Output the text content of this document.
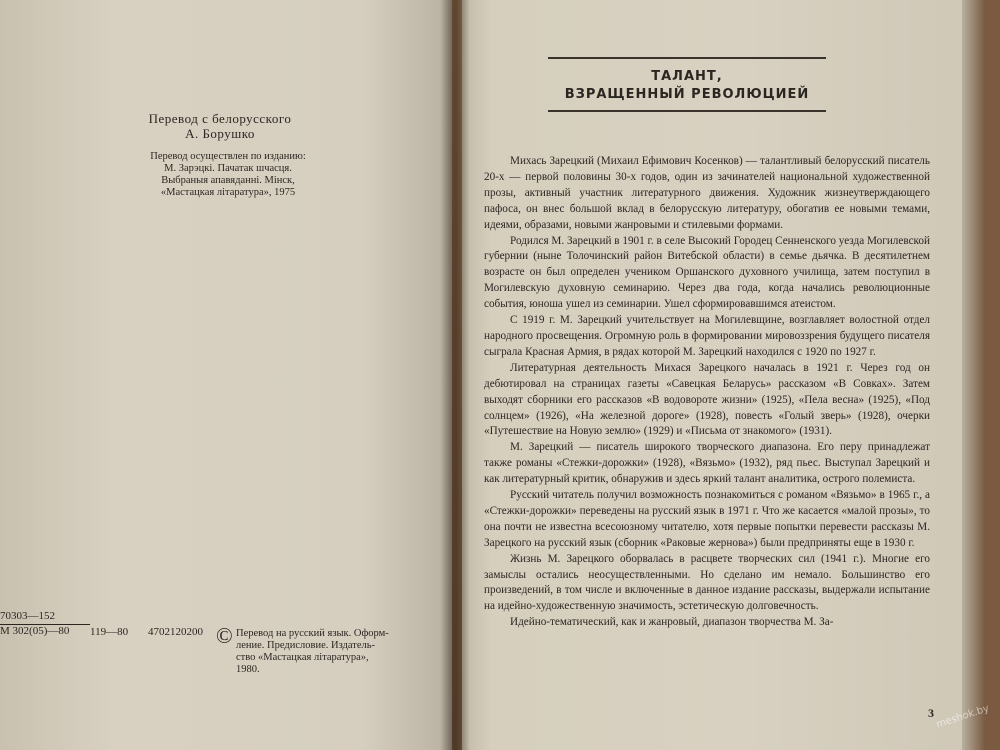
Перевод с белорусского
А. Борушко
Перевод осуществлен по изданию:
М. Зарэцкі. Пачатак шчасця.
Выбраныя апавяданні. Мінск,
«Мастацкая літаратура», 1975
70303—152
М 302(05)—80	119—80	4702120200 © Перевод на русский язык. Оформ-
ление. Предисловие. Издатель-
ство «Мастацкая літаратура»,
1980.
ТАЛАНТ,
ВЗРАЩЕННЫЙ РЕВОЛЮЦИЕЙ

Михась Зарецкий (Михаил Ефимович Косенков) — талантливый белорусский писатель 20-х — первой половины 30-х годов, один из зачинателей национальной художественной прозы, активный участник литературного движения. Художник жизнеутверждающего пафоса, он внес большой вклад в белорусскую литературу, обогатив ее новыми темами, идеями, образами, новыми жанровыми и стилевыми формами.

Родился М. Зарецкий в 1901 г. в селе Высокий Городец Сенненского уезда Могилевской губернии (ныне Толочинский район Витебской области) в семье дьячка. В десятилетнем возрасте он был определен учеником Оршанского духовного училища, затем поступил в Могилевскую духовную семинарию. Через два года, когда начались революционные события, юноша ушел из семинарии. Ушел сформировавшимся атеистом.

С 1919 г. М. Зарецкий учительствует на Могилевщине, возглавляет волостной отдел народного просвещения. Огромную роль в формировании мировоззрения будущего писателя сыграла Красная Армия, в рядах которой М. Зарецкий находился с 1920 по 1927 г.

Литературная деятельность Михася Зарецкого началась в 1921 г. Через год он дебютировал на страницах газеты «Савецкая Беларусь» рассказом «В Совках». Затем выходят сборники его рассказов «В водовороте жизни» (1925), «Пела весна» (1925), «Под солнцем» (1926), «На железной дороге» (1928), повесть «Голый зверь» (1928), очерки «Путешествие на Новую землю» (1929) и «Письма от знакомого» (1931).

М. Зарецкий — писатель широкого творческого диапазона. Его перу принадлежат также романы «Стежки-дорожки» (1928), «Вязьмо» (1932), ряд пьес. Выступал Зарецкий и как литературный критик, обнаружив и здесь яркий талант аналитика, острого полемиста.

Русский читатель получил возможность познакомиться с романом «Вязьмо» в 1965 г., а «Стежки-дорожки» переведены на русский язык в 1971 г. Что же касается «малой прозы», то она почти не известна всесоюзному читателю, хотя первые попытки перевести рассказы М. Зарецкого на русский язык (сборник «Раковые жернова») были предприняты еще в 1930 г.

Жизнь М. Зарецкого оборвалась в расцвете творческих сил (1941 г.). Многие его замыслы остались неосуществленными. Но сделано им немало. Большинство его произведений, в том числе и включенные в данное издание рассказы, выдержали испытание на идейно-художественную значимость, эстетическую долговечность.

Идейно-тематический, как и жанровый, диапазон творчества М. За-

3 meshok.by
